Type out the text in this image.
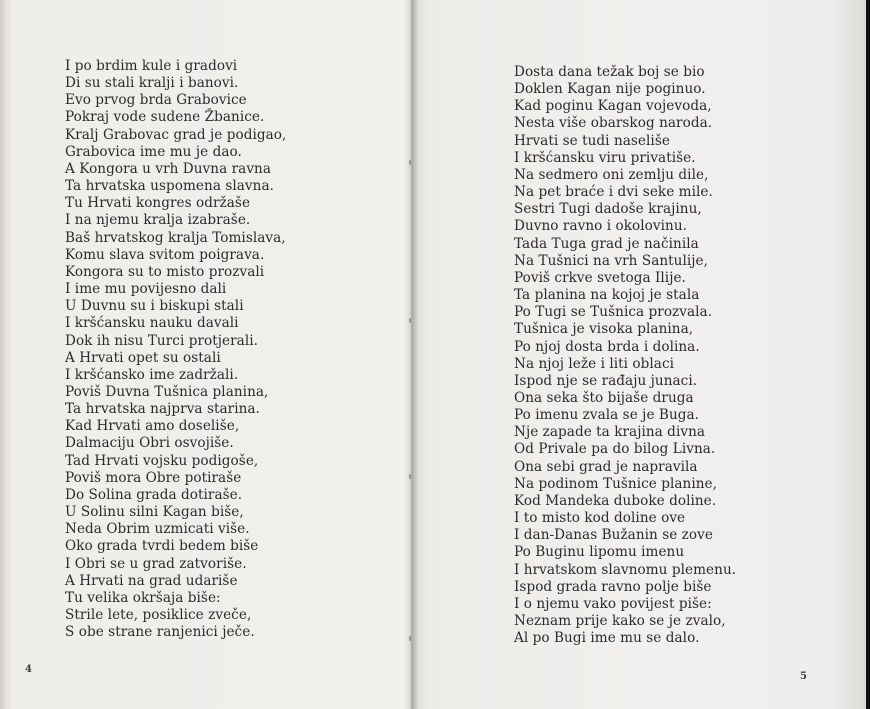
I po brdim kule i gradovi
Di su stali kralji i banovi.
Evo prvog brda Grabovice
Pokraj vode sudene Žbanice.
Kralj Grabovac grad je podigao,
Grabovica ime mu je dao.
A Kongora u vrh Duvna ravna
Ta hrvatska uspomena slavna.
Tu Hrvati kongres održaše
I na njemu kralja izabraše.
Baš hrvatskog kralja Tomislava,
Komu slava svitom poigrava.
Kongora su to misto prozvali
I ime mu povijesno dali
U Duvnu su i biskupi stali
I kršćansku nauku davali
Dok ih nisu Turci protjerali.
A Hrvati opet su ostali
I kršćansko ime zadržali.
Poviš Duvna Tušnica planina,
Ta hrvatska najprva starina.
Kad Hrvati amo doseliše,
Dalmaciju Obri osvojiše.
Tad Hrvati vojsku podigoše,
Poviš mora Obre potiraše
Do Solina grada dotiraše.
U Solinu silni Kagan biše,
Neda Obrim uzmicati više.
Oko grada tvrdi bedem biše
I Obri se u grad zatvoriše.
A Hrvati na grad udariše
Tu velika okršaja biše:
Strile lete, posiklice zveče,
S obe strane ranjenici ječe.
Dosta dana težak boj se bio
Doklen Kagan nije poginuo.
Kad poginu Kagan vojevoda,
Nesta više obarskog naroda.
Hrvati se tudi naseliše
I kršćansku viru privatiše.
Na sedmero oni zemlju dile,
Na pet braće i dvi seke mile.
Sestri Tugi dadoše krajinu,
Duvno ravno i okolovinu.
Tada Tuga grad je načinila
Na Tušnici na vrh Santulije,
Poviš crkve svetoga Ilije.
Ta planina na kojoj je stala
Po Tugi se Tušnica prozvala.
Tušnica je visoka planina,
Po njoj dosta brda i dolina.
Na njoj leže i liti oblaci
Ispod nje se rađaju junaci.
Ona seka što bijaše druga
Po imenu zvala se je Buga.
Nje zapade ta krajina divna
Od Privale pa do bilog Livna.
Ona sebi grad je napravila
Na podinom Tušnice planine,
Kod Mandeka duboke doline.
I to misto kod doline ove
I dan-Danas Bužanin se zove
Po Buginu lipomu imenu
I hrvatskom slavnomu plemenu.
Ispod grada ravno polje biše
I o njemu vako povijest piše:
Neznam prije kako se je zvalo,
Al po Bugi ime mu se dalo.
4
5
